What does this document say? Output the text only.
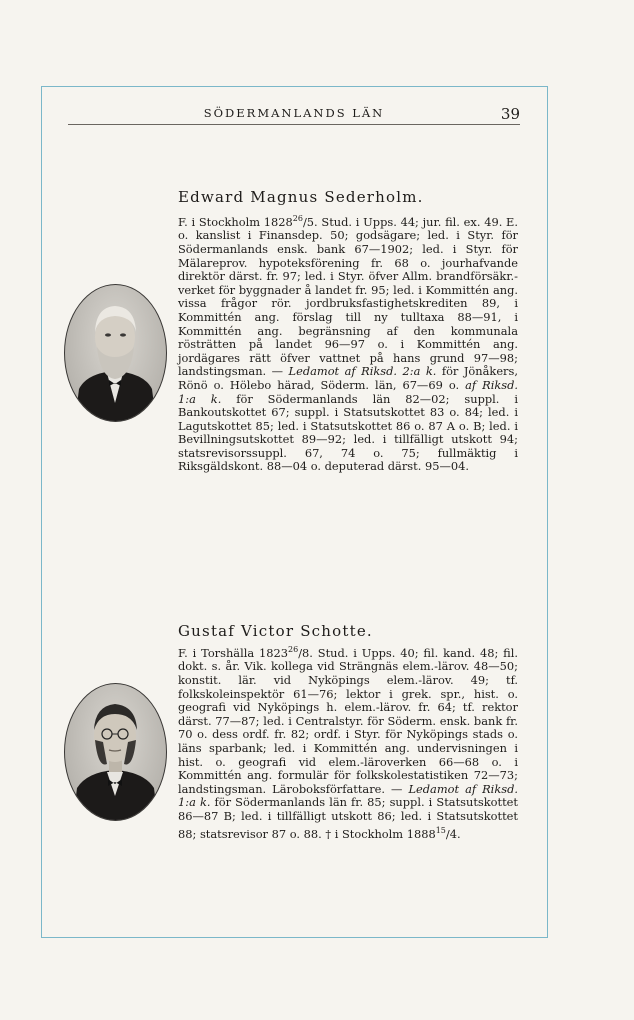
SÖDERMANLANDS LÄN	39
Edward Magnus Sederholm.

F. i Stockholm 1828$^{26}$/5. Stud. i Upps. 44; jur. fil. ex. 49. E. o. kanslist i Finansdep. 50; godsägare; led. i Styr. för Södermanlands ensk. bank 67—1902; led. i Styr. för Mälareprov. hypoteksförening fr. 68 o. jourhafvande direktör därst. fr. 97; led. i Styr. öfver Allm. brandförsäkr.-verket för byggnader å landet fr. 95; led. i Kommittén ang. vissa frågor rör. jordbruksfastighetskrediten 89, i Kommittén ang. förslag till ny tulltaxa 88—91, i Kommittén ang. begränsning af den kommunala rösträtten på landet 96—97 o. i Kommittén ang. jordägares rätt öfver vattnet på hans grund 97—98; landstingsman. — Ledamot af Riksd. 2:a k. för Jönåkers, Rönö o. Hölebo härad, Söderm. län, 67—69 o. af Riksd. 1:a k. för Södermanlands län 82—02; suppl. i Bankoutskottet 67; suppl. i Statsutskottet 83 o. 84; led. i Lagutskottet 85; led. i Statsutskottet 86 o. 87 A o. B; led. i Bevillningsutskottet 89—92; led. i tillfälligt utskott 94; statsrevisorssuppl. 67, 74 o. 75; fullmäktig i Riksgäldskont. 88—04 o. deputerad därst. 95—04.

Gustaf Victor Schotte.

F. i Torshälla 1823$^{26}$/8. Stud. i Upps. 40; fil. kand. 48; fil. dokt. s. år. Vik. kollega vid Strängnäs elem.-lärov. 48—50; konstit. lär. vid Nyköpings elem.-lärov. 49; tf. folkskoleinspektör 61—76; lektor i grek. spr., hist. o. geografi vid Nyköpings h. elem.-lärov. fr. 64; tf. rektor därst. 77—87; led. i Centralstyr. för Söderm. ensk. bank fr. 70 o. dess ordf. fr. 82; ordf. i Styr. för Nyköpings stads o. läns sparbank; led. i Kommittén ang. undervisningen i hist. o. geografi vid elem.-läroverken 66—68 o. i Kommittén ang. formulär för folkskolestatistiken 72—73; landstingsman. Läroboksförfattare. — Ledamot af Riksd. 1:a k. för Södermanlands län fr. 85; suppl. i Statsutskottet 86—87 B; led. i tillfälligt utskott 86; led. i Statsutskottet 88; statsrevisor 87 o. 88. † i Stockholm 1888$^{15}$/4.
